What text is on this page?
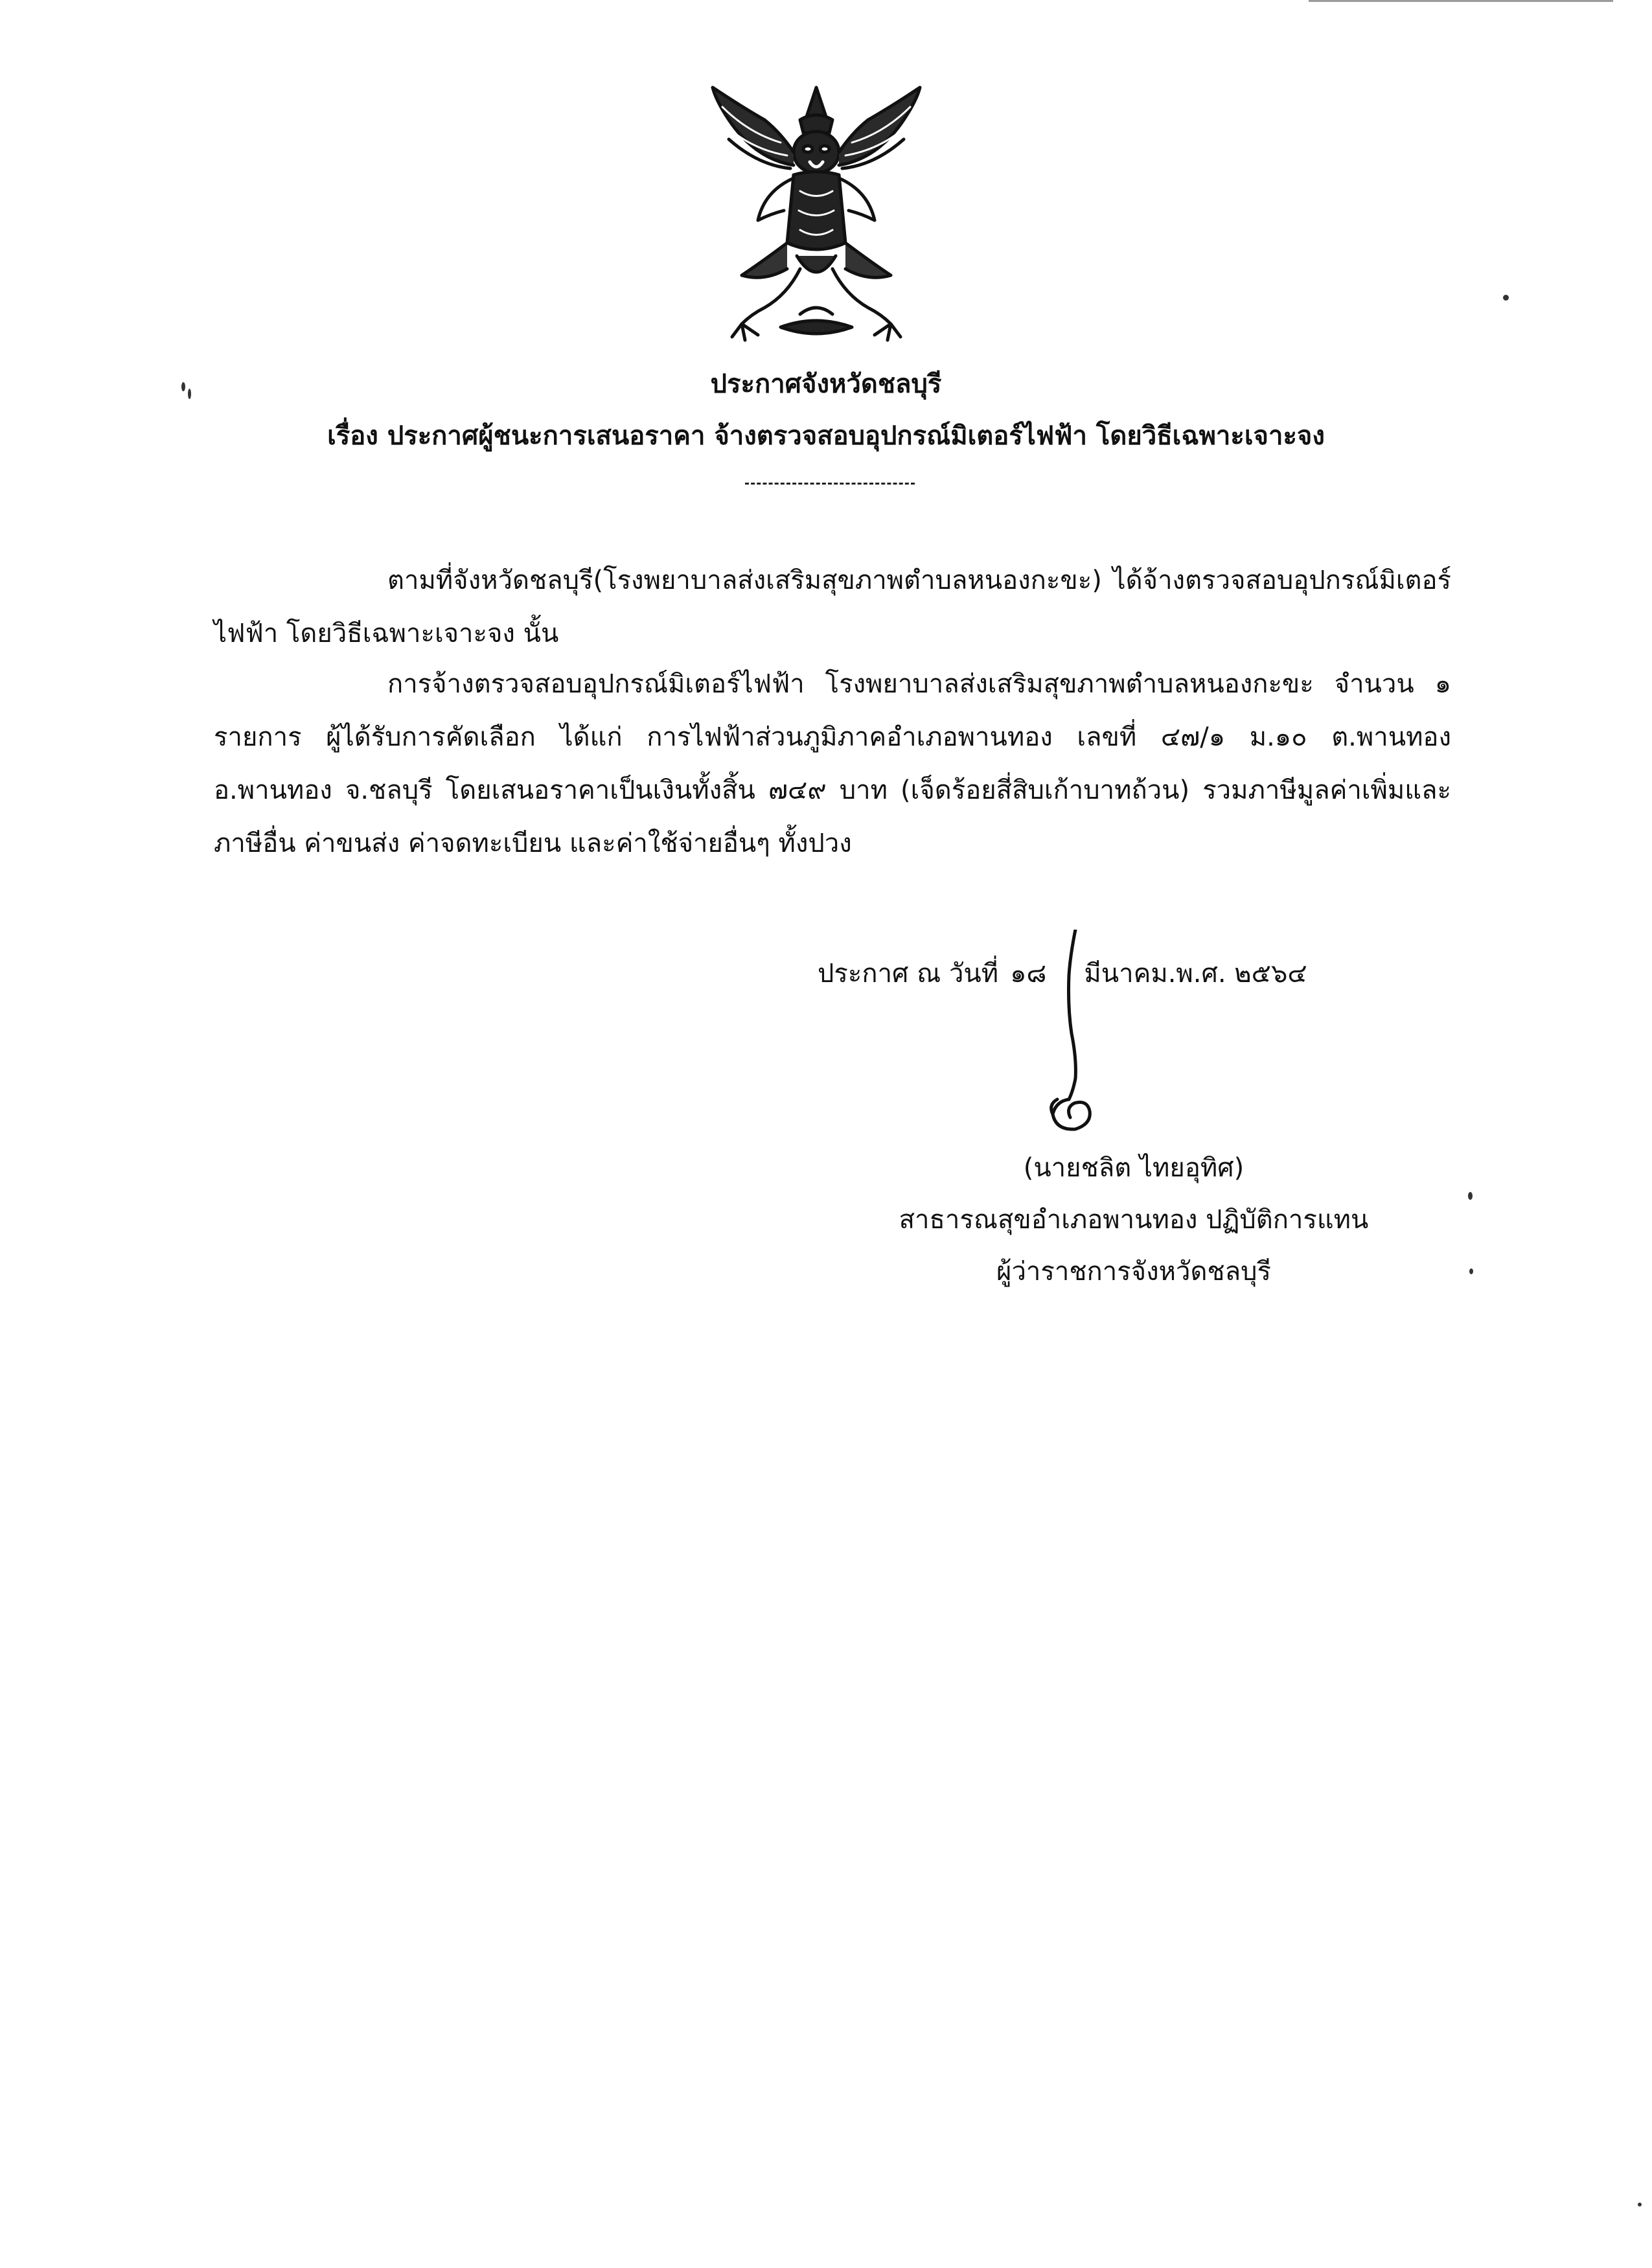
ประกาศจังหวัดชลบุรี
เรื่อง ประกาศผู้ชนะการเสนอราคา จ้างตรวจสอบอุปกรณ์มิเตอร์ไฟฟ้า โดยวิธีเฉพาะเจาะจง
ตามที่จังหวัดชลบุรี(โรงพยาบาลส่งเสริมสุขภาพตำบลหนองกะขะ) ได้จ้างตรวจสอบอุปกรณ์มิเตอร์ไฟฟ้า โดยวิธีเฉพาะเจาะจง นั้น
การจ้างตรวจสอบอุปกรณ์มิเตอร์ไฟฟ้า โรงพยาบาลส่งเสริมสุขภาพตำบลหนองกะขะ จำนวน ๑ รายการ ผู้ได้รับการคัดเลือก ได้แก่ การไฟฟ้าส่วนภูมิภาคอำเภอพานทอง เลขที่ ๔๗/๑ ม.๑๐ ต.พานทอง อ.พานทอง จ.ชลบุรี โดยเสนอราคาเป็นเงินทั้งสิ้น ๗๔๙ บาท (เจ็ดร้อยสี่สิบเก้าบาทถ้วน) รวมภาษีมูลค่าเพิ่มและภาษีอื่น ค่าขนส่ง ค่าจดทะเบียน และค่าใช้จ่ายอื่นๆ ทั้งปวง
ประกาศ ณ วันที่ ๑๘ มีนาคม.พ.ศ. ๒๕๖๔
(นายชลิต ไทยอุทิศ)
สาธารณสุขอำเภอพานทอง ปฏิบัติการแทน
ผู้ว่าราชการจังหวัดชลบุรี
